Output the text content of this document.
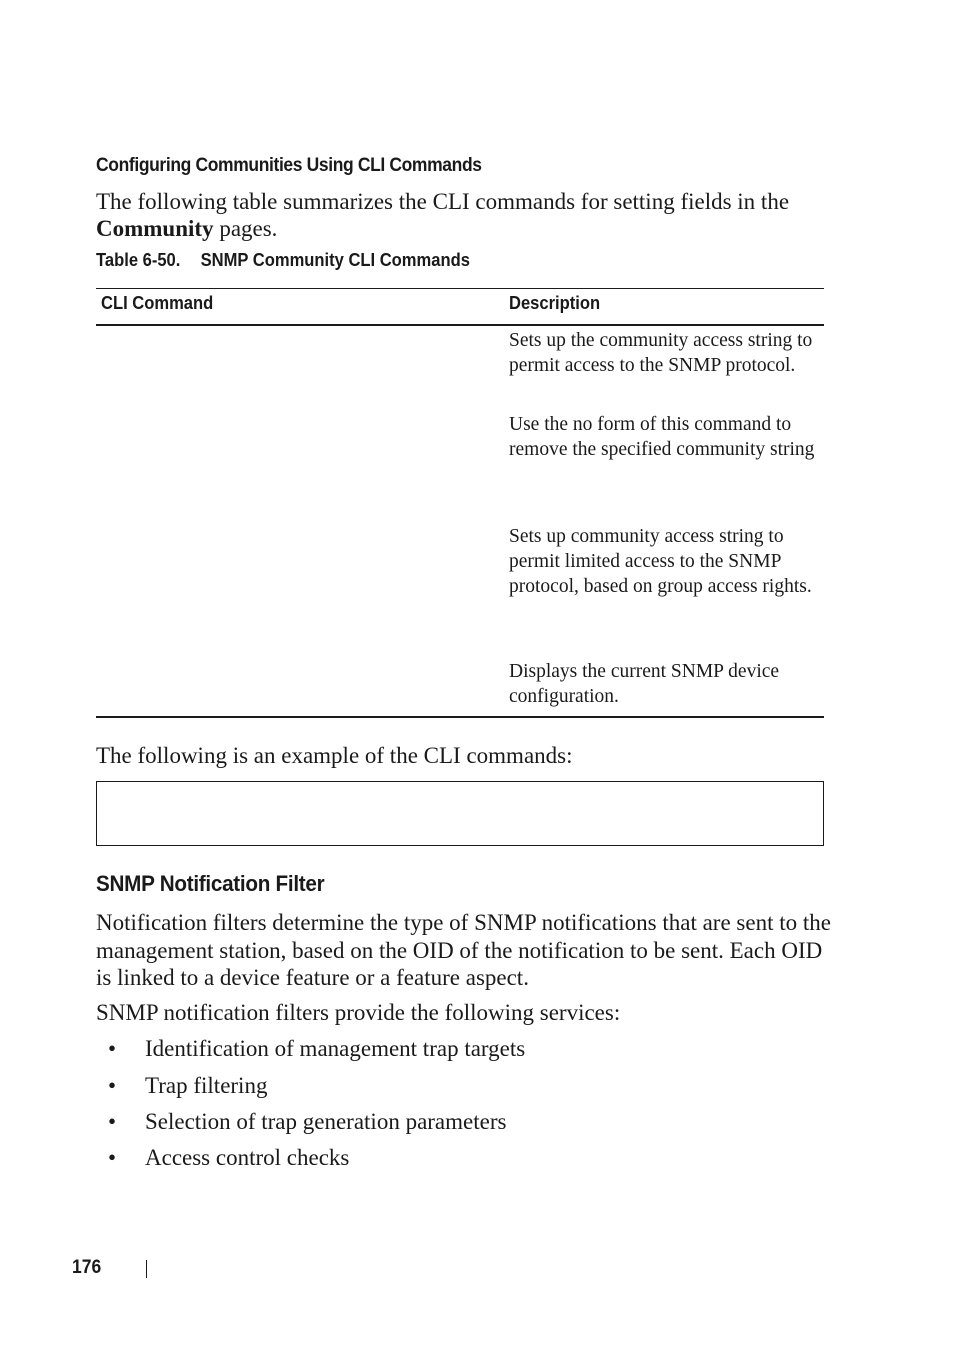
Configuring Communities Using CLI Commands
The following table summarizes the CLI commands for setting fields in the Community pages.
Table 6-50. SNMP Community CLI Commands
CLI Command	Description
Sets up the community access string to permit access to the SNMP protocol.
Use the no form of this command to remove the specified community string
Sets up community access string to permit limited access to the SNMP protocol, based on group access rights.
Displays the current SNMP device configuration.
The following is an example of the CLI commands:
SNMP Notification Filter
Notification filters determine the type of SNMP notifications that are sent to the management station, based on the OID of the notification to be sent. Each OID is linked to a device feature or a feature aspect.
SNMP notification filters provide the following services:
• Identification of management trap targets
• Trap filtering
• Selection of trap generation parameters
• Access control checks
176
